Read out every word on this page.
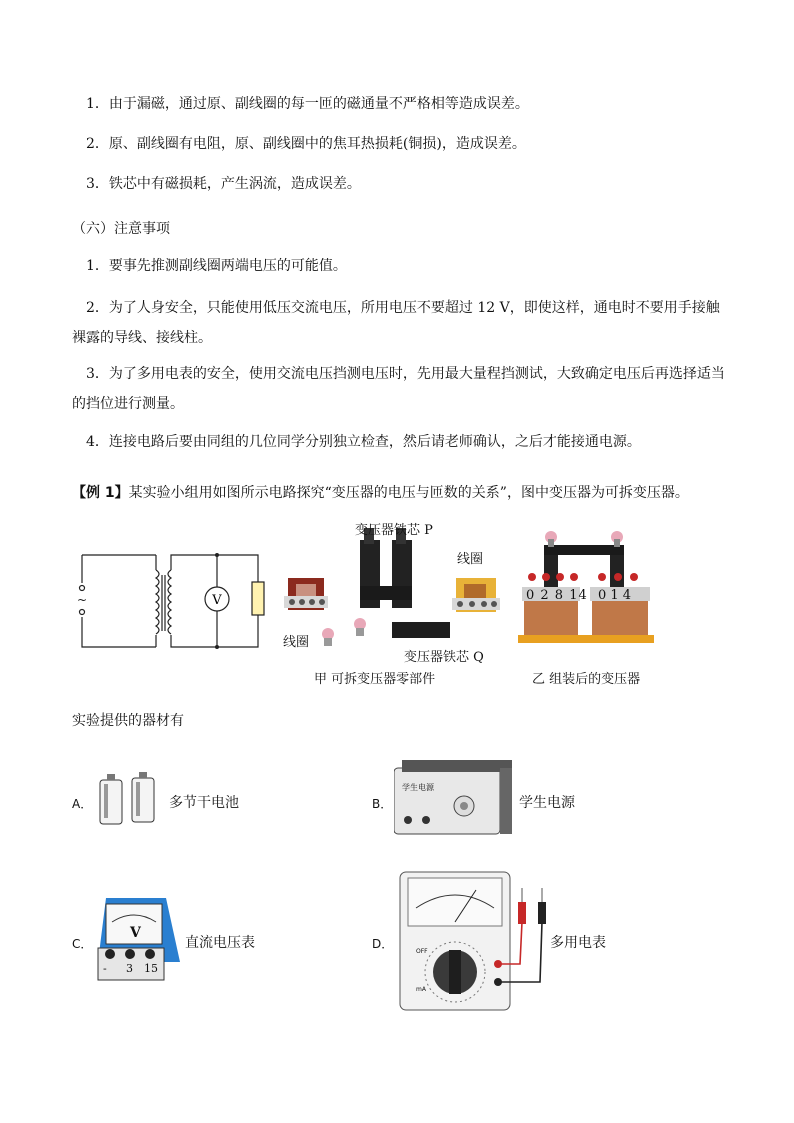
1．由于漏磁，通过原、副线圈的每一匝的磁通量不严格相等造成误差。
2．原、副线圈有电阻，原、副线圈中的焦耳热损耗(铜损)，造成误差。
3．铁芯中有磁损耗，产生涡流，造成误差。
（六）注意事项
1．要事先推测副线圈两端电压的可能值。
2．为了人身安全，只能使用低压交流电压，所用电压不要超过 12 V，即使这样，通电时不要用手接触裸露的导线、接线柱。
3．为了多用电表的安全，使用交流电压挡测电压时，先用最大量程挡测试，大致确定电压后再选择适当的挡位进行测量。
4．连接电路后要由同组的几位同学分别独立检查，然后请老师确认，之后才能接通电源。
【例 1】某实验小组用如图所示电路探究“变压器的电压与匝数的关系”，图中变压器为可拆变压器。
~	V
变压器铁芯 P
线圈
线圈
变压器铁芯 Q
甲 可拆变压器零部件
0 2 8 14 0 1 4
乙 组装后的变压器
实验提供的器材有
A．	多节干电池	B．
学生电源
学生电源
C．
V
- 3 15
直流电压表	D．
OFF
mA
多用电表
